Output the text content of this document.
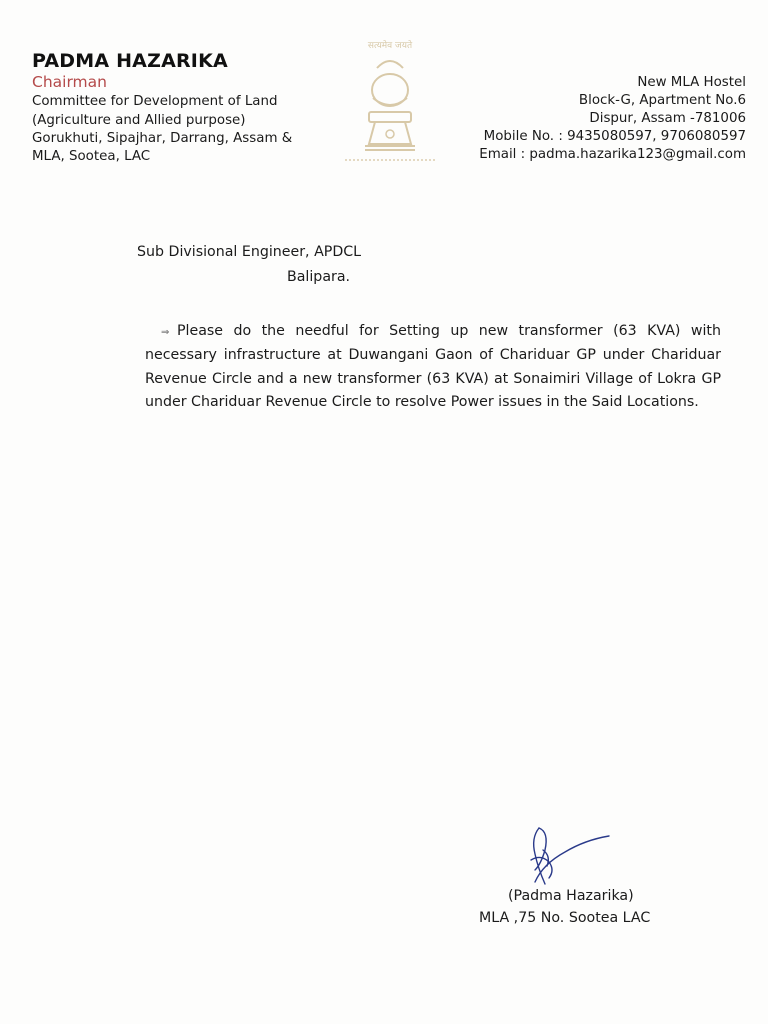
PADMA HAZARIKA
Chairman
Committee for Development of Land
(Agriculture and Allied purpose)
Gorukhuti, Sipajhar, Darrang, Assam &
MLA, Sootea, LAC
सत्यमेव जयते
New MLA Hostel
Block-G, Apartment No.6
Dispur, Assam -781006
Mobile No. : 9435080597, 9706080597
Email : padma.hazarika123@gmail.com
Sub Divisional Engineer, APDCL
Balipara.
⇒ Please do the needful for Setting up new transformer (63 KVA) with necessary infrastructure at Duwangani Gaon of Chariduar GP under Chariduar Revenue Circle and a new transformer (63 KVA) at Sonaimiri Village of Lokra GP under Chariduar Revenue Circle to resolve Power issues in the Said Locations.
(Padma Hazarika)
MLA ,75 No. Sootea LAC
